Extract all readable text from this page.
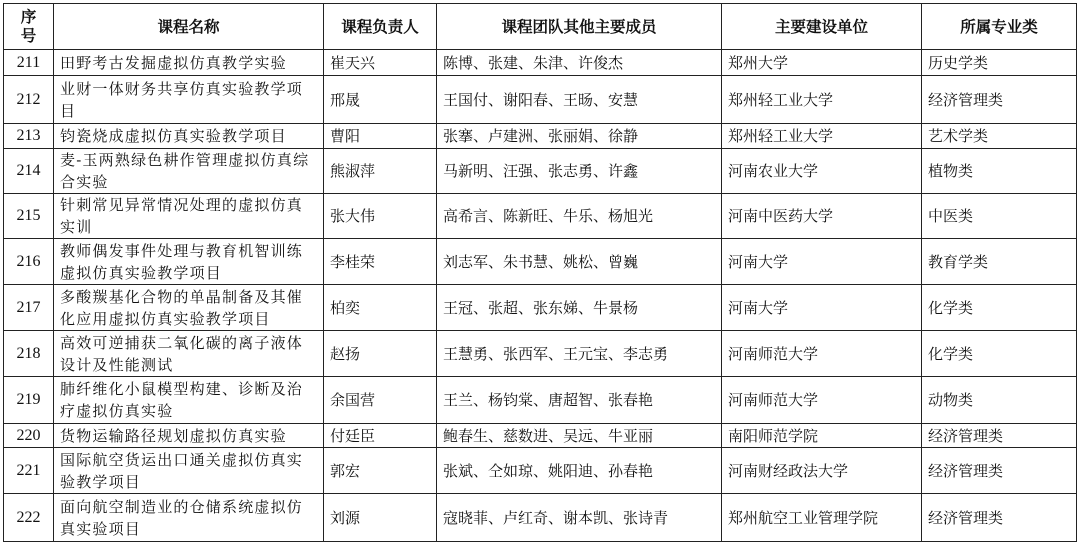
序号	课程名称	课程负责人	课程团队其他主要成员	主要建设单位	所属专业类
211	田野考古发掘虚拟仿真教学实验	崔天兴	陈博、张建、朱津、许俊杰	郑州大学	历史学类
212	业财一体财务共享仿真实验教学项目	邢晟	王国付、谢阳春、王旸、安慧	郑州轻工业大学	经济管理类
213	钧瓷烧成虚拟仿真实验教学项目	曹阳	张搴、卢建洲、张丽娟、徐静	郑州轻工业大学	艺术学类
214	麦-玉两熟绿色耕作管理虚拟仿真综合实验	熊淑萍	马新明、汪强、张志勇、许鑫	河南农业大学	植物类
215	针刺常见异常情况处理的虚拟仿真实训	张大伟	高希言、陈新旺、牛乐、杨旭光	河南中医药大学	中医类
216	教师偶发事件处理与教育机智训练虚拟仿真实验教学项目	李桂荣	刘志军、朱书慧、姚松、曾巍	河南大学	教育学类
217	多酸羰基化合物的单晶制备及其催化应用虚拟仿真实验教学项目	柏奕	王冠、张超、张东娣、牛景杨	河南大学	化学类
218	高效可逆捕获二氧化碳的离子液体设计及性能测试	赵扬	王慧勇、张西军、王元宝、李志勇	河南师范大学	化学类
219	肺纤维化小鼠模型构建、诊断及治疗虚拟仿真实验	余国营	王兰、杨钧棠、唐超智、张春艳	河南师范大学	动物类
220	货物运输路径规划虚拟仿真实验	付廷臣	鲍春生、慈数进、吴远、牛亚丽	南阳师范学院	经济管理类
221	国际航空货运出口通关虚拟仿真实验教学项目	郭宏	张斌、仝如琼、姚阳迪、孙春艳	河南财经政法大学	经济管理类
222	面向航空制造业的仓储系统虚拟仿真实验项目	刘源	寇晓菲、卢红奇、谢本凯、张诗青	郑州航空工业管理学院	经济管理类
